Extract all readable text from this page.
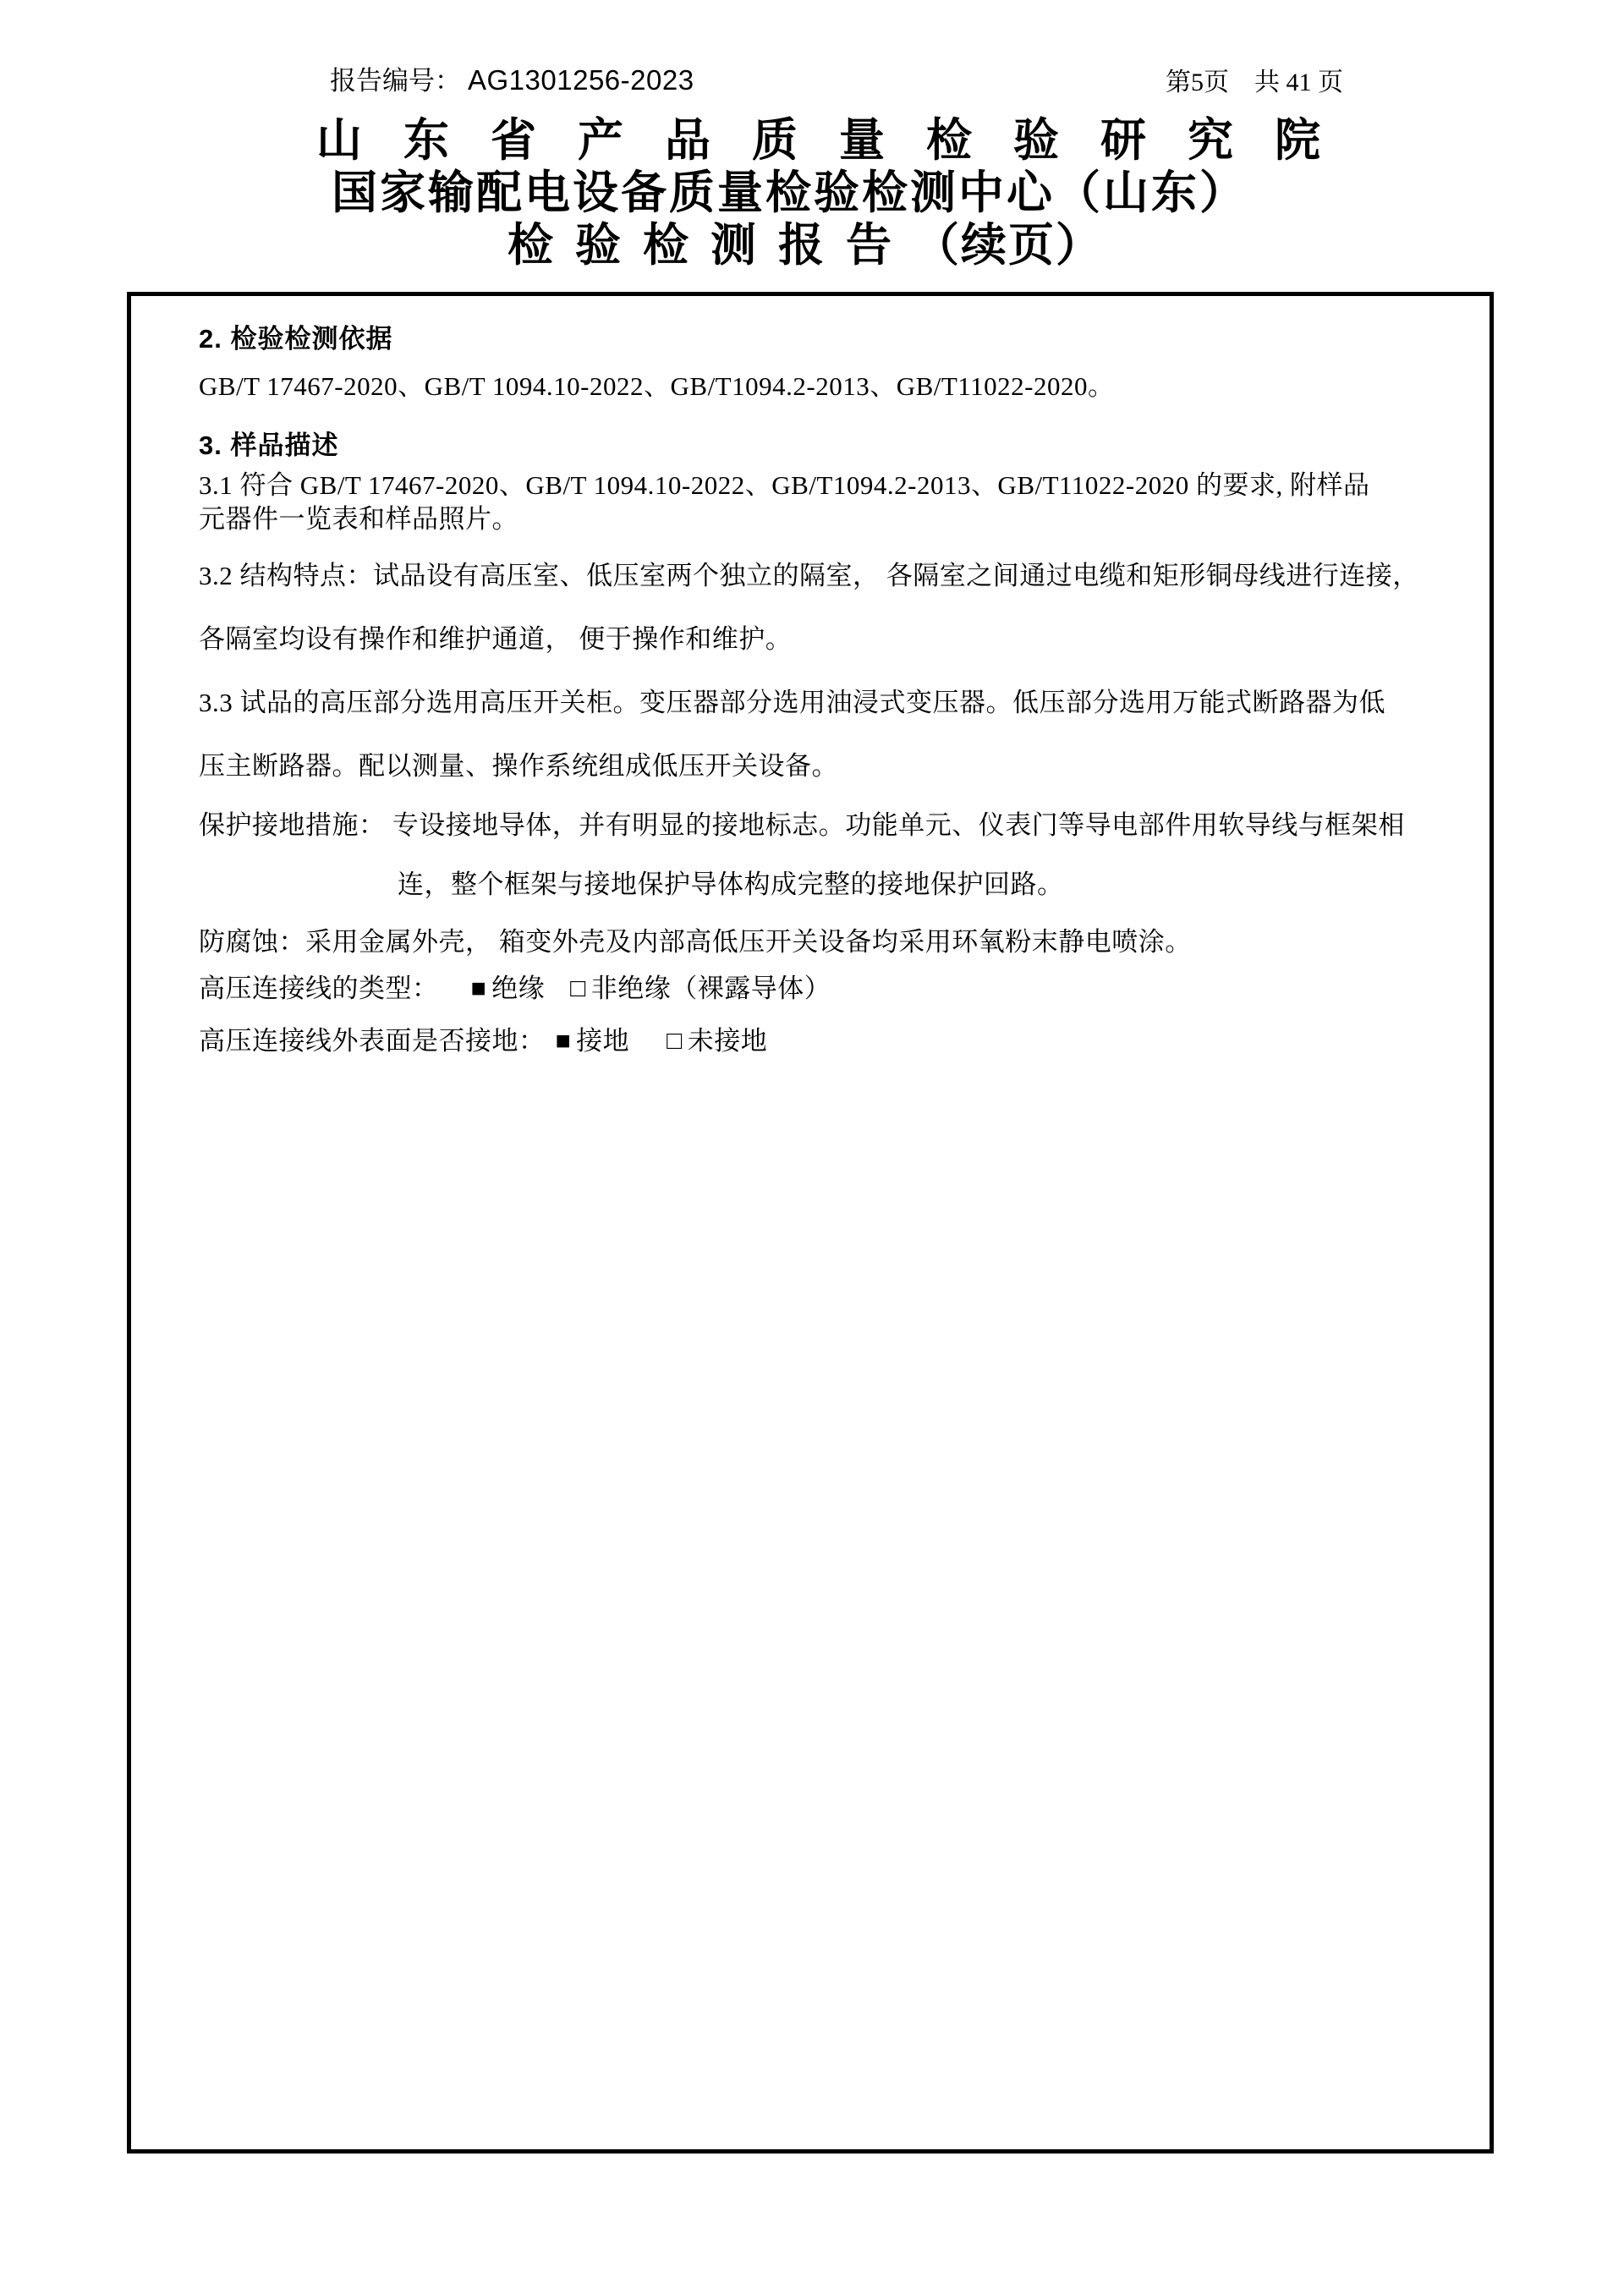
报告编号： AG1301256-2023	第5页　共 41 页
山东省产品质量检验研究院
国家输配电设备质量检验检测中心（山东）
检验检测报告（续页）
2. 检验检测依据
GB/T 17467-2020、GB/T 1094.10-2022、GB/T1094.2-2013、GB/T11022-2020。
3. 样品描述
3.1 符合 GB/T 17467-2020、GB/T 1094.10-2022、GB/T1094.2-2013、GB/T11022-2020 的要求, 附样品
元器件一览表和样品照片。
3.2 结构特点：试品设有高压室、低压室两个独立的隔室， 各隔室之间通过电缆和矩形铜母线进行连接，
各隔室均设有操作和维护通道， 便于操作和维护。
3.3 试品的高压部分选用高压开关柜。变压器部分选用油浸式变压器。低压部分选用万能式断路器为低
压主断路器。配以测量、操作系统组成低压开关设备。
保护接地措施： 专设接地导体，并有明显的接地标志。功能单元、仪表门等导电部件用软导线与框架相
连，整个框架与接地保护导体构成完整的接地保护回路。
防腐蚀：采用金属外壳， 箱变外壳及内部高低压开关设备均采用环氧粉末静电喷涂。
高压连接线的类型： ■ 绝缘 □ 非绝缘（裸露导体）
高压连接线外表面是否接地： ■ 接地 □ 未接地
